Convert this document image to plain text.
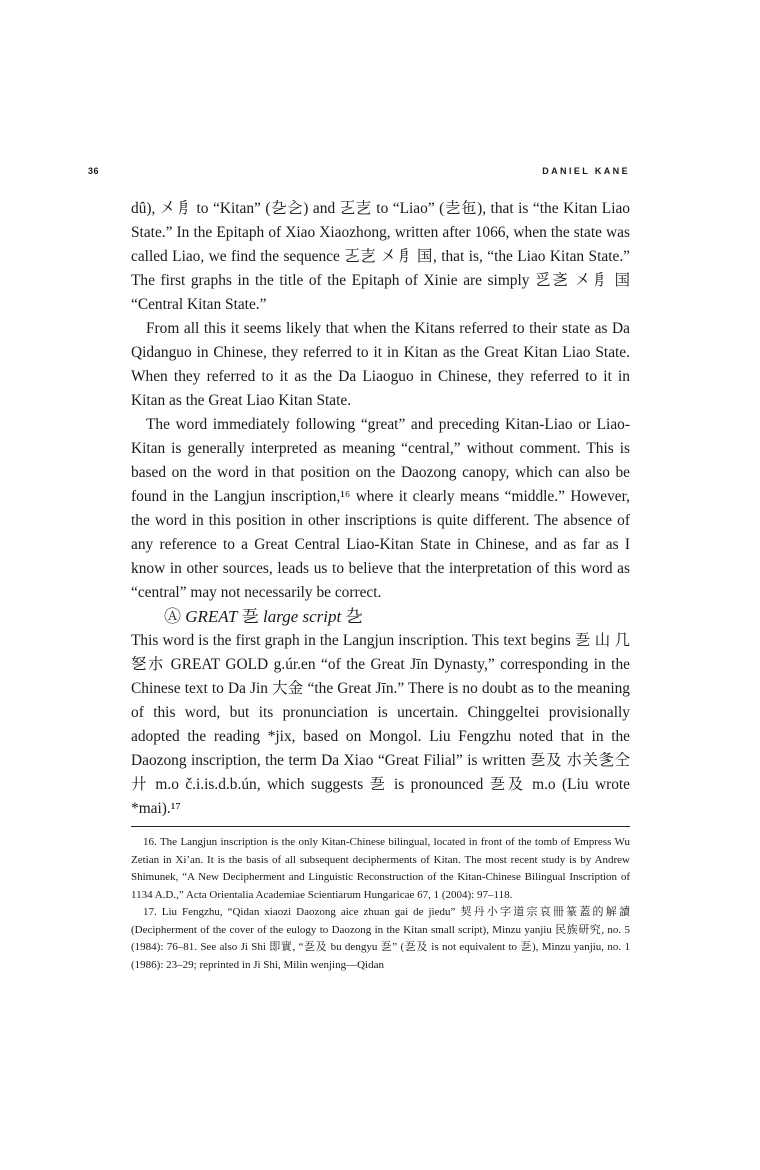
36	DANIEL KANE

dû), 㐅㐆 to “Kitan” (㐇㐈) and 㐉㐊 to “Liao” (㐋㐌), that is “the Kitan Liao State.” In the Epitaph of Xiao Xiaozhong, written after 1066, when the state was called Liao, we find the sequence 㐉㐊 㐅㐆 国, that is, “the Liao Kitan State.” The first graphs in the title of the Epitaph of Xinie are simply 㐍㐎 㐅㐆 国 “Central Kitan State.”

From all this it seems likely that when the Kitans referred to their state as Da Qidanguo in Chinese, they referred to it in Kitan as the Great Kitan Liao State. When they referred to it as the Da Liaoguo in Chinese, they referred to it in Kitan as the Great Liao Kitan State.

The word immediately following “great” and preceding Kitan-Liao or Liao-Kitan is generally interpreted as meaning “central,” without comment. This is based on the word in that position on the Daozong canopy, which can also be found in the Langjun inscription,¹⁶ where it clearly means “middle.” However, the word in this position in other inscriptions is quite different. The absence of any reference to a Great Central Liao-Kitan State in Chinese, and as far as I know in other sources, leads us to believe that the interpretation of this word as “central” may not necessarily be correct.

Ⓐ GREAT 㐏 large script 㐇

This word is the first graph in the Langjun inscription. This text begins 㐏 山 几㐐朩 GREAT GOLD g.úr.en “of the Great Jīn Dynasty,” corresponding in the Chinese text to Da Jin 大金 “the Great Jīn.” There is no doubt as to the meaning of this word, but its pronunciation is uncertain. Chinggeltei provisionally adopted the reading *jix, based on Mongol. Liu Fengzhu noted that in the Daozong inscription, the term Da Xiao “Great Filial” is written 㐏及 朩关㐑仝廾 m.o č.i.is.d.b.ún, which suggests 㐏 is pronounced 㐏及 m.o (Liu wrote *mai).¹⁷

16. The Langjun inscription is the only Kitan-Chinese bilingual, located in front of the tomb of Empress Wu Zetian in Xi’an. It is the basis of all subsequent decipherments of Kitan. The most recent study is by Andrew Shimunek, “A New Decipherment and Linguistic Reconstruction of the Kitan-Chinese Bilingual Inscription of 1134 A.D.,” Acta Orientalia Academiae Scientiarum Hungaricae 67, 1 (2004): 97–118.

17. Liu Fengzhu, “Qidan xiaozi Daozong aice zhuan gai de jiedu” 契丹小字道宗哀冊篆蓋的解讀 (Decipherment of the cover of the eulogy to Daozong in the Kitan small script), Minzu yanjiu 民族研究, no. 5 (1984): 76–81. See also Ji Shi 即實, “㐏及 bu dengyu 㐏” (㐏及 is not equivalent to 㐏), Minzu yanjiu, no. 1 (1986): 23–29; reprinted in Ji Shi, Milin wenjing—Qidan
